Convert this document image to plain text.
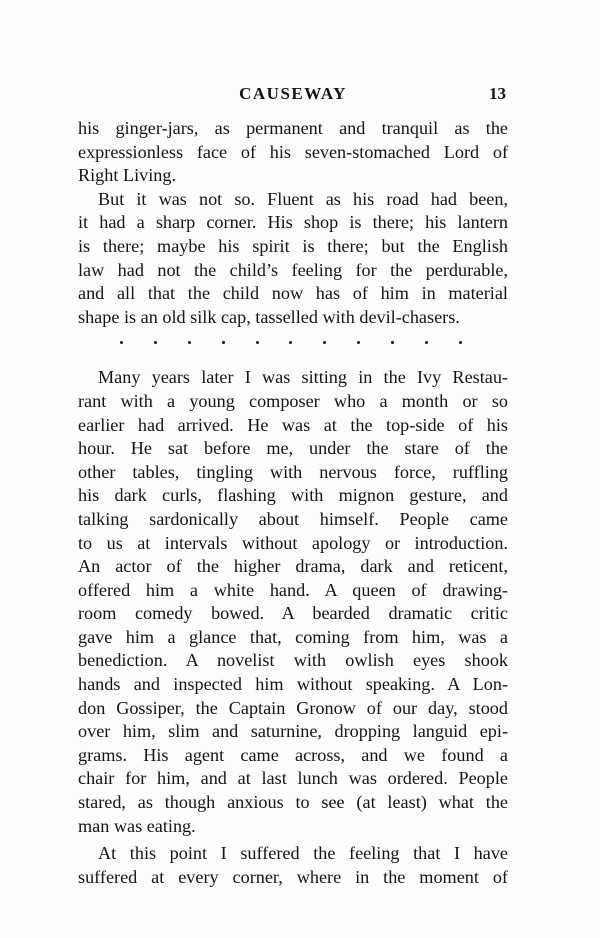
CAUSEWAY	13
his ginger-jars, as permanent and tranquil as the
expressionless face of his seven-stomached Lord of
Right Living.
But it was not so. Fluent as his road had been,
it had a sharp corner. His shop is there; his lantern
is there; maybe his spirit is there; but the English
law had not the child’s feeling for the perdurable,
and all that the child now has of him in material
shape is an old silk cap, tasselled with devil-chasers.
Many years later I was sitting in the Ivy Restau-
rant with a young composer who a month or so
earlier had arrived. He was at the top-side of his
hour. He sat before me, under the stare of the
other tables, tingling with nervous force, ruffling
his dark curls, flashing with mignon gesture, and
talking sardonically about himself. People came
to us at intervals without apology or introduction.
An actor of the higher drama, dark and reticent,
offered him a white hand. A queen of drawing-
room comedy bowed. A bearded dramatic critic
gave him a glance that, coming from him, was a
benediction. A novelist with owlish eyes shook
hands and inspected him without speaking. A Lon-
don Gossiper, the Captain Gronow of our day, stood
over him, slim and saturnine, dropping languid epi-
grams. His agent came across, and we found a
chair for him, and at last lunch was ordered. People
stared, as though anxious to see (at least) what the
man was eating.
At this point I suffered the feeling that I have
suffered at every corner, where in the moment of
